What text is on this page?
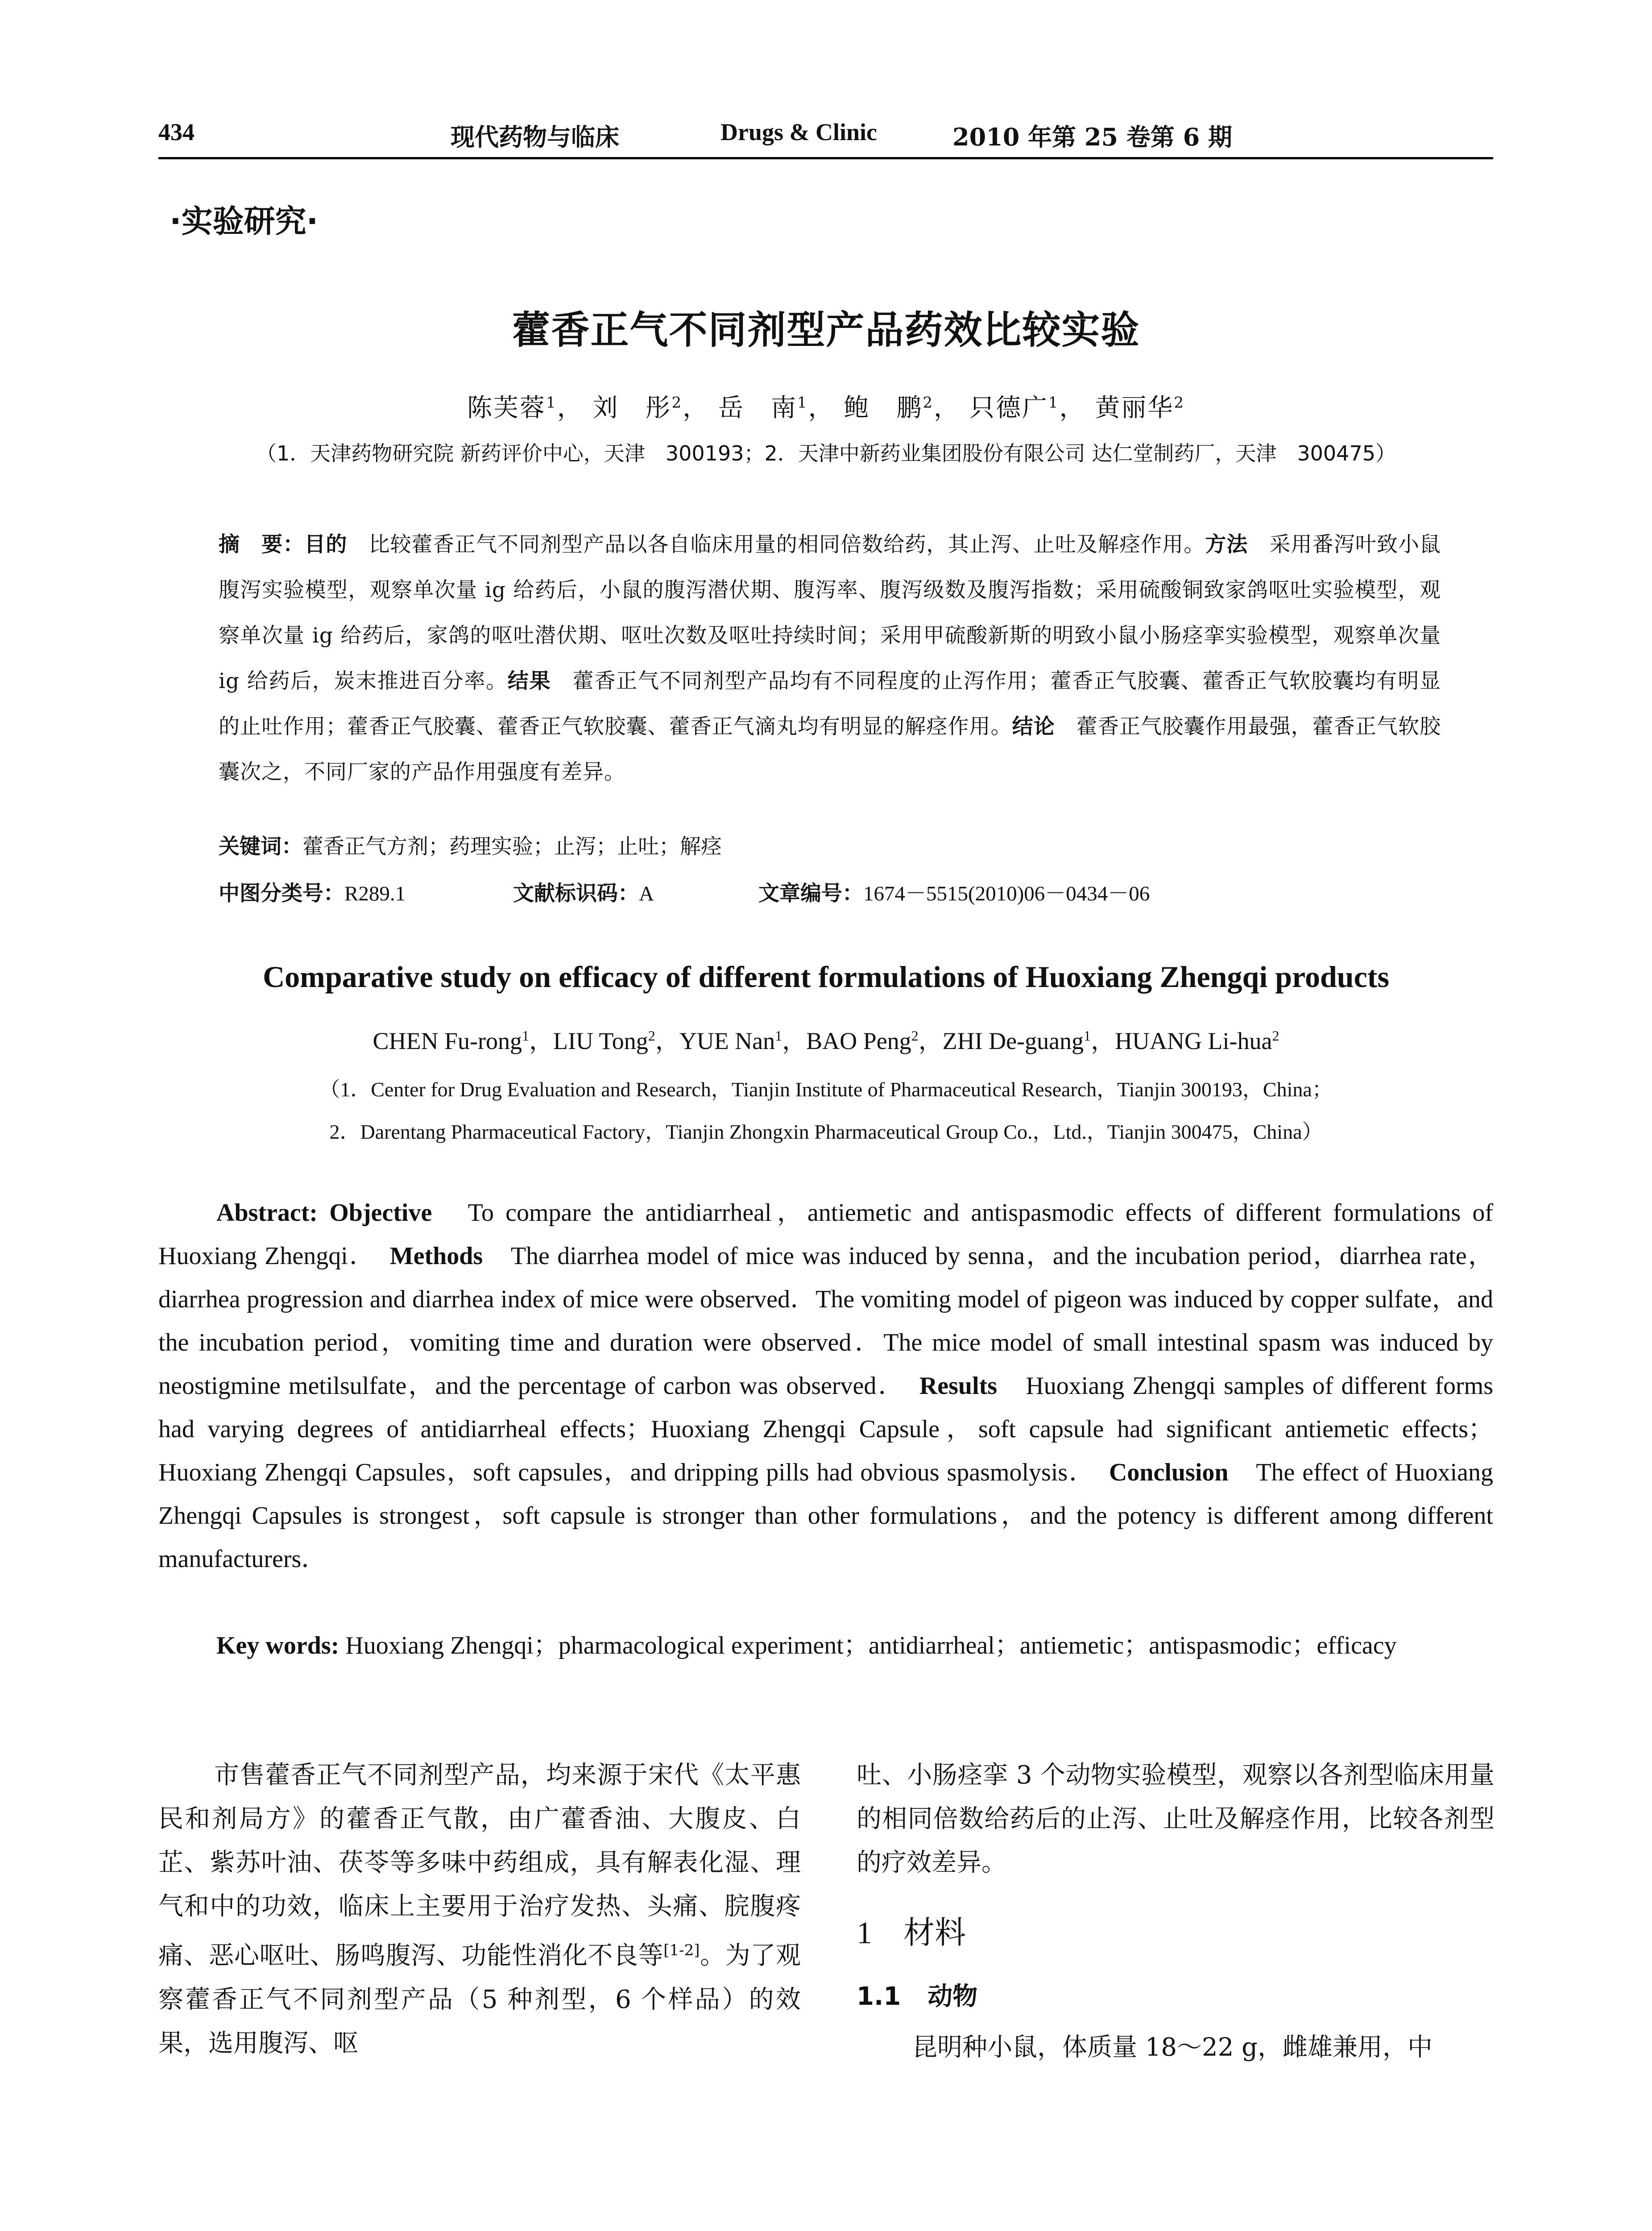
434	现代药物与临床	Drugs & Clinic	2010 年第 25 卷第 6 期
·实验研究·
藿香正气不同剂型产品药效比较实验
陈芙蓉$^1$， 刘　彤$^2$， 岳　南$^1$， 鲍　鹏$^2$， 只德广$^1$， 黄丽华$^2$
（1．天津药物研究院 新药评价中心，天津　300193；2．天津中新药业集团股份有限公司 达仁堂制药厂，天津　300475）
摘　要：目的　比较藿香正气不同剂型产品以各自临床用量的相同倍数给药，其止泻、止吐及解痉作用。方法　采用番泻叶致小鼠腹泻实验模型，观察单次量 ig 给药后，小鼠的腹泻潜伏期、腹泻率、腹泻级数及腹泻指数；采用硫酸铜致家鸽呕吐实验模型，观察单次量 ig 给药后，家鸽的呕吐潜伏期、呕吐次数及呕吐持续时间；采用甲硫酸新斯的明致小鼠小肠痉挛实验模型，观察单次量 ig 给药后，炭末推进百分率。结果　藿香正气不同剂型产品均有不同程度的止泻作用；藿香正气胶囊、藿香正气软胶囊均有明显的止吐作用；藿香正气胶囊、藿香正气软胶囊、藿香正气滴丸均有明显的解痉作用。结论　藿香正气胶囊作用最强，藿香正气软胶囊次之，不同厂家的产品作用强度有差异。
关键词：藿香正气方剂；药理实验；止泻；止吐；解痉
中图分类号：R289.1	文献标识码：A	文章编号：1674－5515(2010)06－0434－06
Comparative study on efficacy of different formulations of Huoxiang Zhengqi products
CHEN Fu-rong$^1$，LIU Tong$^2$，YUE Nan$^1$，BAO Peng$^2$，ZHI De-guang$^1$，HUANG Li-hua$^2$
（1．Center for Drug Evaluation and Research，Tianjin Institute of Pharmaceutical Research，Tianjin 300193，China；
2．Darentang Pharmaceutical Factory，Tianjin Zhongxin Pharmaceutical Group Co.，Ltd.，Tianjin 300475，China）

Abstract: Objective　To compare the antidiarrheal，antiemetic and antispasmodic effects of different formulations of Huoxiang Zhengqi．　 Methods　The diarrhea model of mice was induced by senna，and the incubation period，diarrhea rate，diarrhea progression and diarrhea index of mice were observed．The vomiting model of pigeon was induced by copper sulfate，and the incubation period，vomiting time and duration were observed．The mice model of small intestinal spasm was induced by neostigmine metilsulfate，and the percentage of carbon was observed．　 Results　Huoxiang Zhengqi samples of different forms had varying degrees of antidiarrheal effects；Huoxiang Zhengqi Capsule，soft capsule had significant antiemetic effects；Huoxiang Zhengqi Capsules，soft capsules，and dripping pills had obvious spasmolysis．　 Conclusion　The effect of Huoxiang Zhengqi Capsules is strongest，soft capsule is stronger than other formulations，and the potency is different among different manufacturers．

Key words: Huoxiang Zhengqi；pharmacological experiment；antidiarrheal；antiemetic；antispasmodic；efficacy

市售藿香正气不同剂型产品，均来源于宋代《太平惠民和剂局方》的藿香正气散，由广藿香油、大腹皮、白芷、紫苏叶油、茯苓等多味中药组成，具有解表化湿、理气和中的功效，临床上主要用于治疗发热、头痛、脘腹疼痛、恶心呕吐、肠鸣腹泻、功能性消化不良等[1-2]。为了观察藿香正气不同剂型产品（5 种剂型，6 个样品）的效果，选用腹泻、呕

吐、小肠痉挛 3 个动物实验模型，观察以各剂型临床用量的相同倍数给药后的止泻、止吐及解痉作用，比较各剂型的疗效差异。

1 材料
1.1 动物
昆明种小鼠，体质量 18～22 g，雌雄兼用，中
